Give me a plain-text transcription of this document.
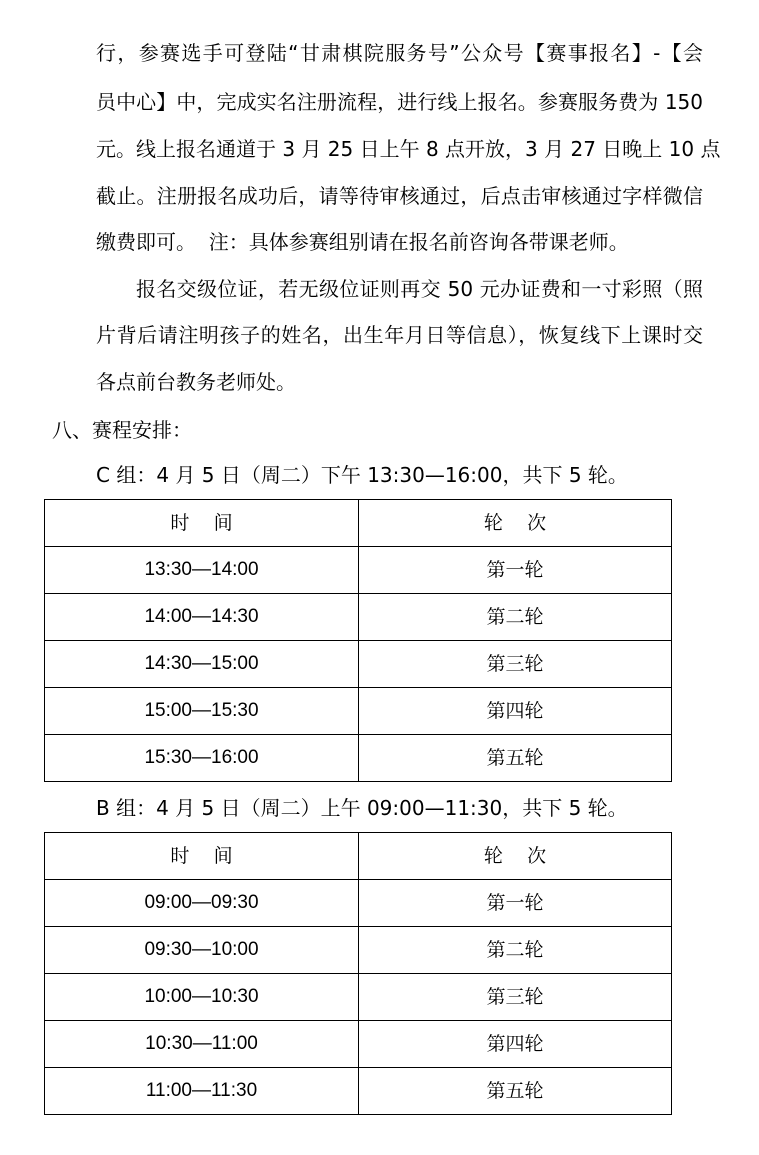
行，参赛选手可登陆“甘肃棋院服务号”公众号【赛事报名】-【会
员中心】中，完成实名注册流程，进行线上报名。参赛服务费为 150
元。线上报名通道于 3 月 25 日上午 8 点开放，3 月 27 日晚上 10 点
截止。注册报名成功后，请等待审核通过，后点击审核通过字样微信
缴费即可。  注：具体参赛组别请在报名前咨询各带课老师。
报名交级位证，若无级位证则再交 50 元办证费和一寸彩照（照
片背后请注明孩子的姓名，出生年月日等信息），恢复线下上课时交
各点前台教务老师处。
八、赛程安排：
C 组：4 月 5 日（周二）下午 13:30—16:00，共下 5 轮。
时    间	轮    次
13:30—14:00	第一轮
14:00—14:30	第二轮
14:30—15:00	第三轮
15:00—15:30	第四轮
15:30—16:00	第五轮
B 组：4 月 5 日（周二）上午 09:00—11:30，共下 5 轮。
时    间	轮    次
09:00—09:30	第一轮
09:30—10:00	第二轮
10:00—10:30	第三轮
10:30—11:00	第四轮
11:00—11:30	第五轮
